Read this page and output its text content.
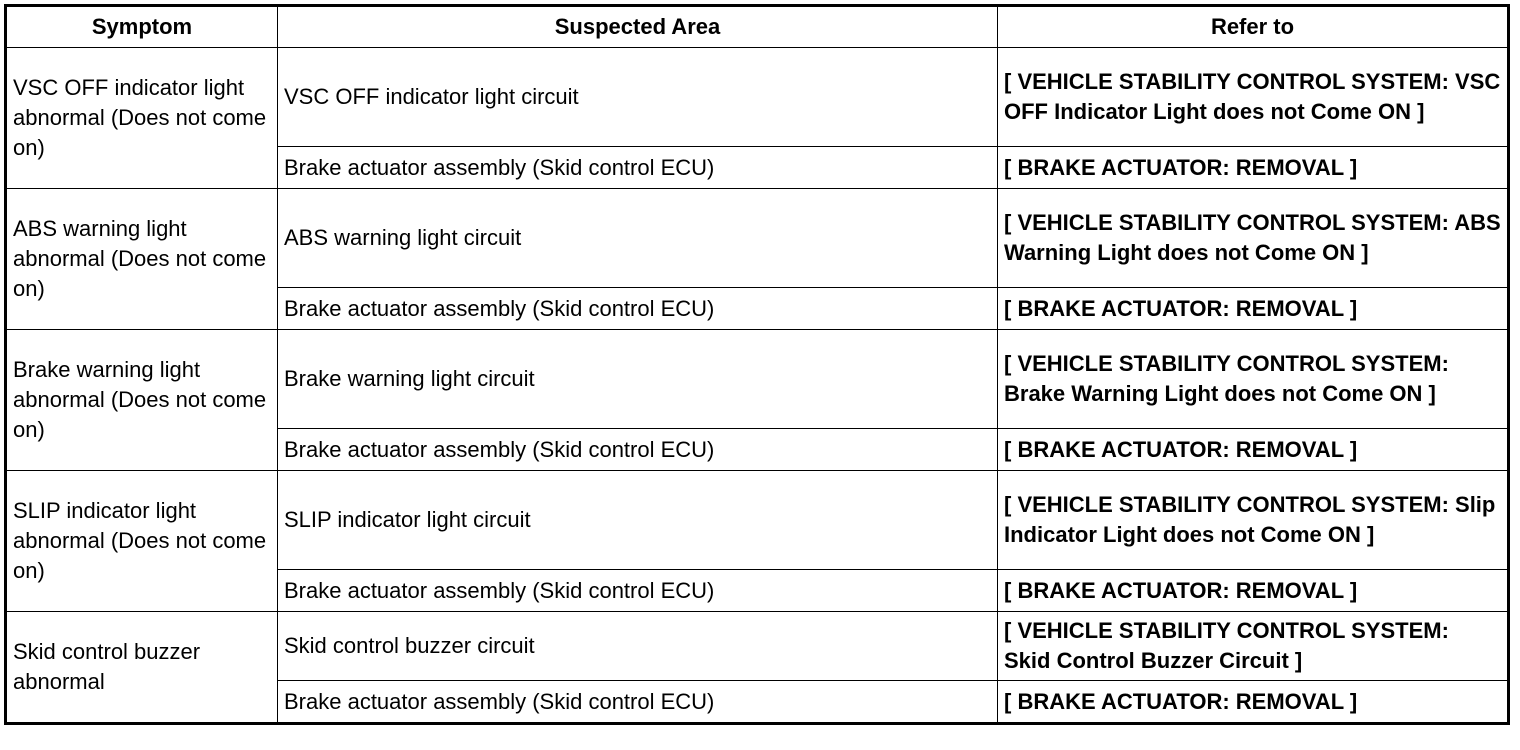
Symptom	Suspected Area	Refer to
VSC OFF indicator light abnormal (Does not come on)	VSC OFF indicator light circuit	[ VEHICLE STABILITY CONTROL SYSTEM: VSC OFF Indicator Light does not Come ON ]
	Brake actuator assembly (Skid control ECU)	[ BRAKE ACTUATOR: REMOVAL ]
ABS warning light abnormal (Does not come on)	ABS warning light circuit	[ VEHICLE STABILITY CONTROL SYSTEM: ABS Warning Light does not Come ON ]
	Brake actuator assembly (Skid control ECU)	[ BRAKE ACTUATOR: REMOVAL ]
Brake warning light abnormal (Does not come on)	Brake warning light circuit	[ VEHICLE STABILITY CONTROL SYSTEM: Brake Warning Light does not Come ON ]
	Brake actuator assembly (Skid control ECU)	[ BRAKE ACTUATOR: REMOVAL ]
SLIP indicator light abnormal (Does not come on)	SLIP indicator light circuit	[ VEHICLE STABILITY CONTROL SYSTEM: Slip Indicator Light does not Come ON ]
	Brake actuator assembly (Skid control ECU)	[ BRAKE ACTUATOR: REMOVAL ]
Skid control buzzer abnormal	Skid control buzzer circuit	[ VEHICLE STABILITY CONTROL SYSTEM: Skid Control Buzzer Circuit ]
	Brake actuator assembly (Skid control ECU)	[ BRAKE ACTUATOR: REMOVAL ]
